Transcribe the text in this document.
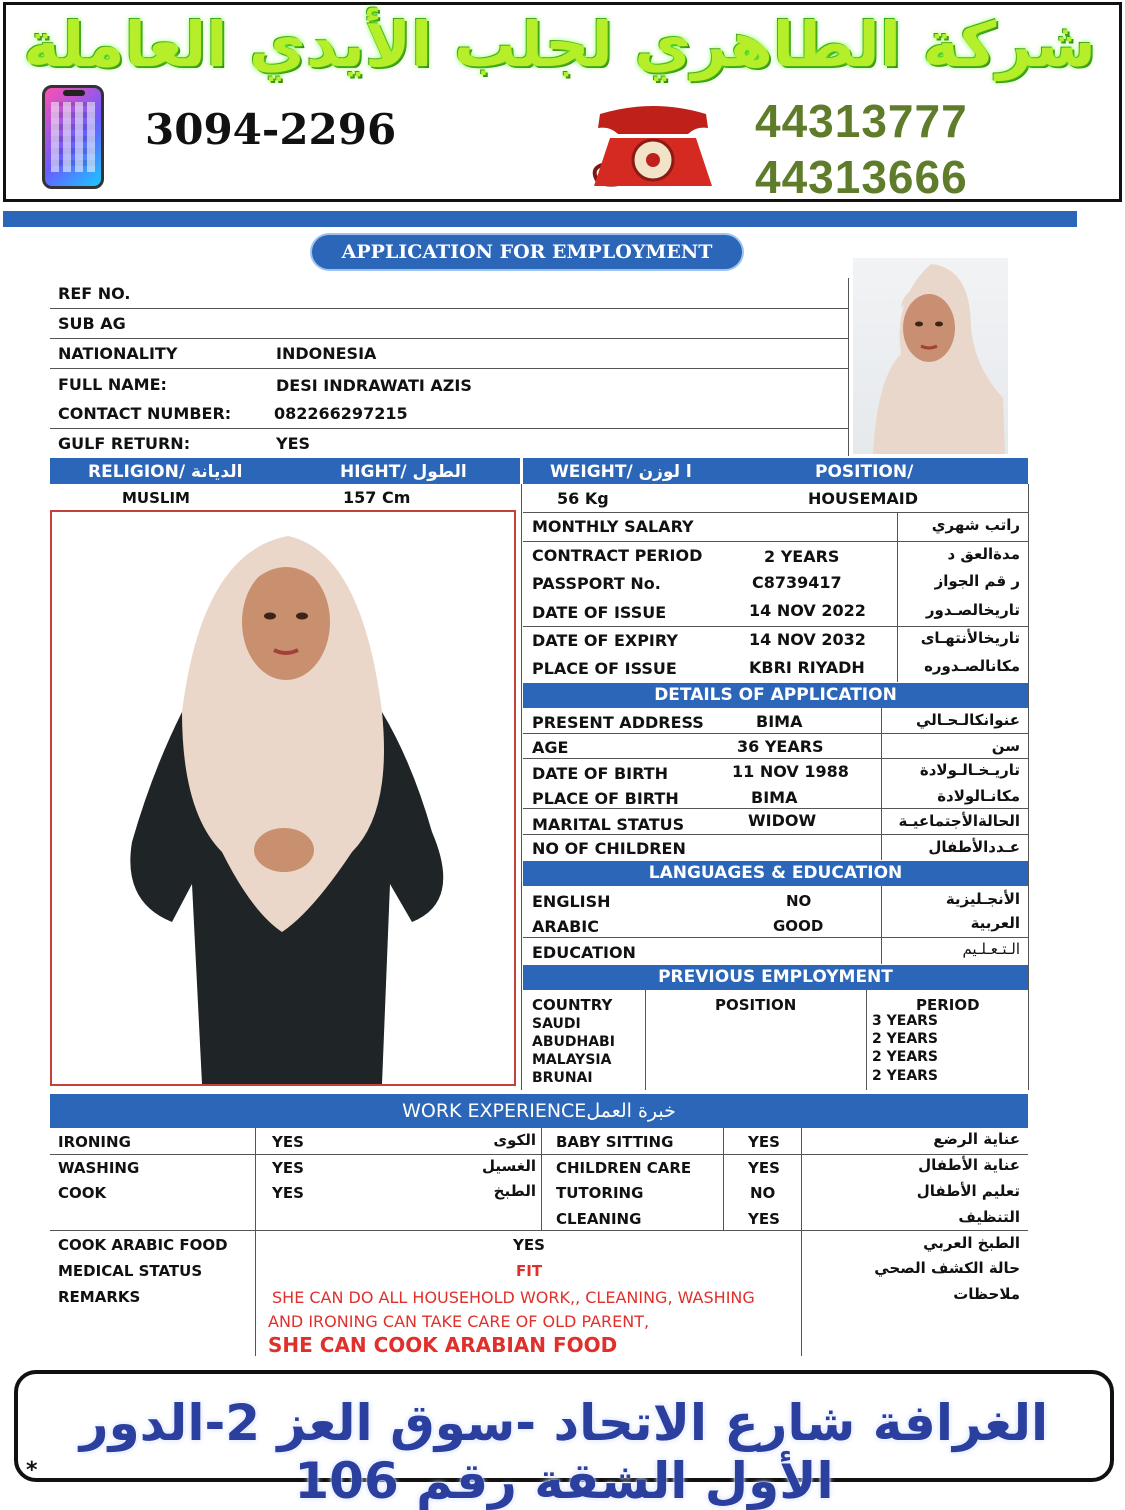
شركة الطاهري لجلب الأيدي العاملة
3094-2296	44313777
44313666
APPLICATION FOR EMPLOYMENT
REF NO.
SUB AG
NATIONALITY	INDONESIA
FULL NAME:	DESI INDRAWATI AZIS
CONTACT NUMBER:	082266297215
GULF RETURN:	YES
RELIGION/ الديانة	HIGHT/ الطول	WEIGHT/ ا لوزن	POSITION/
MUSLIM	157 Cm	56 Kg	HOUSEMAID
MONTHLY SALARY	راتب شهري
CONTRACT PERIOD	2 YEARS	مدةالعق د
PASSPORT No.	C8739417	ر قم الجواز
DATE OF ISSUE	14 NOV 2022	تاريخالصـدور
DATE OF EXPIRY	14 NOV 2032	تاريخالأنتهـاى
PLACE OF ISSUE	KBRI RIYADH	مكانالصـدوره
DETAILS OF APPLICATION
PRESENT ADDRESS	BIMA	عنوانكالـحـالي
AGE	36 YEARS	سن
DATE OF BIRTH	11 NOV 1988	تاريـخـالـولادة
PLACE OF BIRTH	BIMA	مكانـالولادة
MARITAL STATUS	WIDOW	الحالةالأجتماعيـة
NO OF CHILDREN	عـددالأطفال
LANGUAGES & EDUCATION
ENGLISH	NO	الأنجـليزية
ARABIC	GOOD	العربية
EDUCATION	الـتـعـلـيم
PREVIOUS EMPLOYMENT
COUNTRY	POSITION	PERIOD
SAUDI	3 YEARS
ABUDHABI	2 YEARS
MALAYSIA	2 YEARS
BRUNAI	2 YEARS
WORK EXPERIENCEخبرة العمل
IRONING	YES	الكوى
WASHING	YES	الغسيل
COOK	YES	الطبخ
BABY SITTING	YES	عناية الرضع
CHILDREN CARE	YES	عناية الأطفال
TUTORING	NO	تعليم الأطفال
CLEANING	YES	التنظيف
COOK ARABIC FOOD	YES	الطبخ العربي
MEDICAL STATUS	FIT	حالة الكشف الصحي
REMARKS	ملاحظات
SHE CAN DO ALL HOUSEHOLD WORK,, CLEANING, WASHING
AND IRONING CAN TAKE CARE OF OLD PARENT,
SHE CAN COOK ARABIAN FOOD
الغرافة شارع الاتحاد -سوق العز 2-الدور الأول الشقة رقم 106
*
